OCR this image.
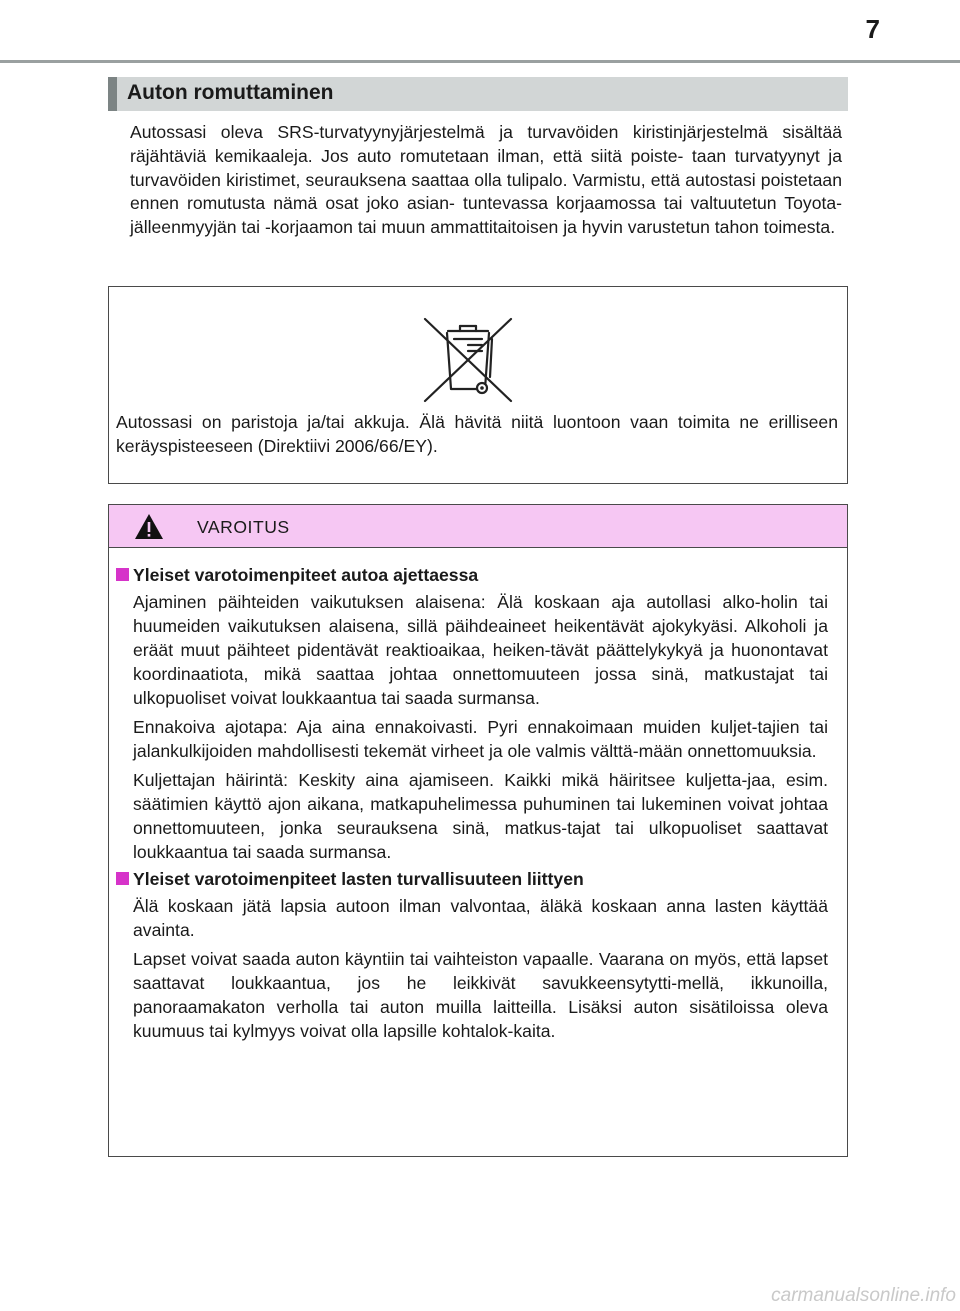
7
Auton romuttaminen
Autossasi oleva SRS-turvatyynyjärjestelmä ja turvavöiden kiristinjärjestelmä sisältää räjähtäviä kemikaaleja. Jos auto romutetaan ilman, että siitä poiste- taan turvatyynyt ja turvavöiden kiristimet, seurauksena saattaa olla tulipalo. Varmistu, että autostasi poistetaan ennen romutusta nämä osat joko asian- tuntevassa korjaamossa tai valtuutetun Toyota-jälleenmyyjän tai -korjaamon tai muun ammattitaitoisen ja hyvin varustetun tahon toimesta.
Autossasi on paristoja ja/tai akkuja. Älä hävitä niitä luontoon vaan toimita ne erilliseen keräyspisteeseen (Direktiivi 2006/66/EY).
VAROITUS
Yleiset varotoimenpiteet autoa ajettaessa
Ajaminen päihteiden vaikutuksen alaisena: Älä koskaan aja autollasi alko-holin tai huumeiden vaikutuksen alaisena, sillä päihdeaineet heikentävät ajokykyäsi. Alkoholi ja eräät muut päihteet pidentävät reaktioaikaa, heiken-tävät päättelykykyä ja huonontavat koordinaatiota, mikä saattaa johtaa onnettomuuteen jossa sinä, matkustajat tai ulkopuoliset voivat loukkaantua tai saada surmansa.
Ennakoiva ajotapa: Aja aina ennakoivasti. Pyri ennakoimaan muiden kuljet-tajien tai jalankulkijoiden mahdollisesti tekemät virheet ja ole valmis välttä-mään onnettomuuksia.
Kuljettajan häirintä: Keskity aina ajamiseen. Kaikki mikä häiritsee kuljetta-jaa, esim. säätimien käyttö ajon aikana, matkapuhelimessa puhuminen tai lukeminen voivat johtaa onnettomuuteen, jonka seurauksena sinä, matkus-tajat tai ulkopuoliset saattavat loukkaantua tai saada surmansa.
Yleiset varotoimenpiteet lasten turvallisuuteen liittyen
Älä koskaan jätä lapsia autoon ilman valvontaa, äläkä koskaan anna lasten käyttää avainta.
Lapset voivat saada auton käyntiin tai vaihteiston vapaalle. Vaarana on myös, että lapset saattavat loukkaantua, jos he leikkivät savukkeensytytti-mellä, ikkunoilla, panoraamakaton verholla tai auton muilla laitteilla. Lisäksi auton sisätiloissa oleva kuumuus tai kylmyys voivat olla lapsille kohtalok-kaita.
carmanualsonline.info
